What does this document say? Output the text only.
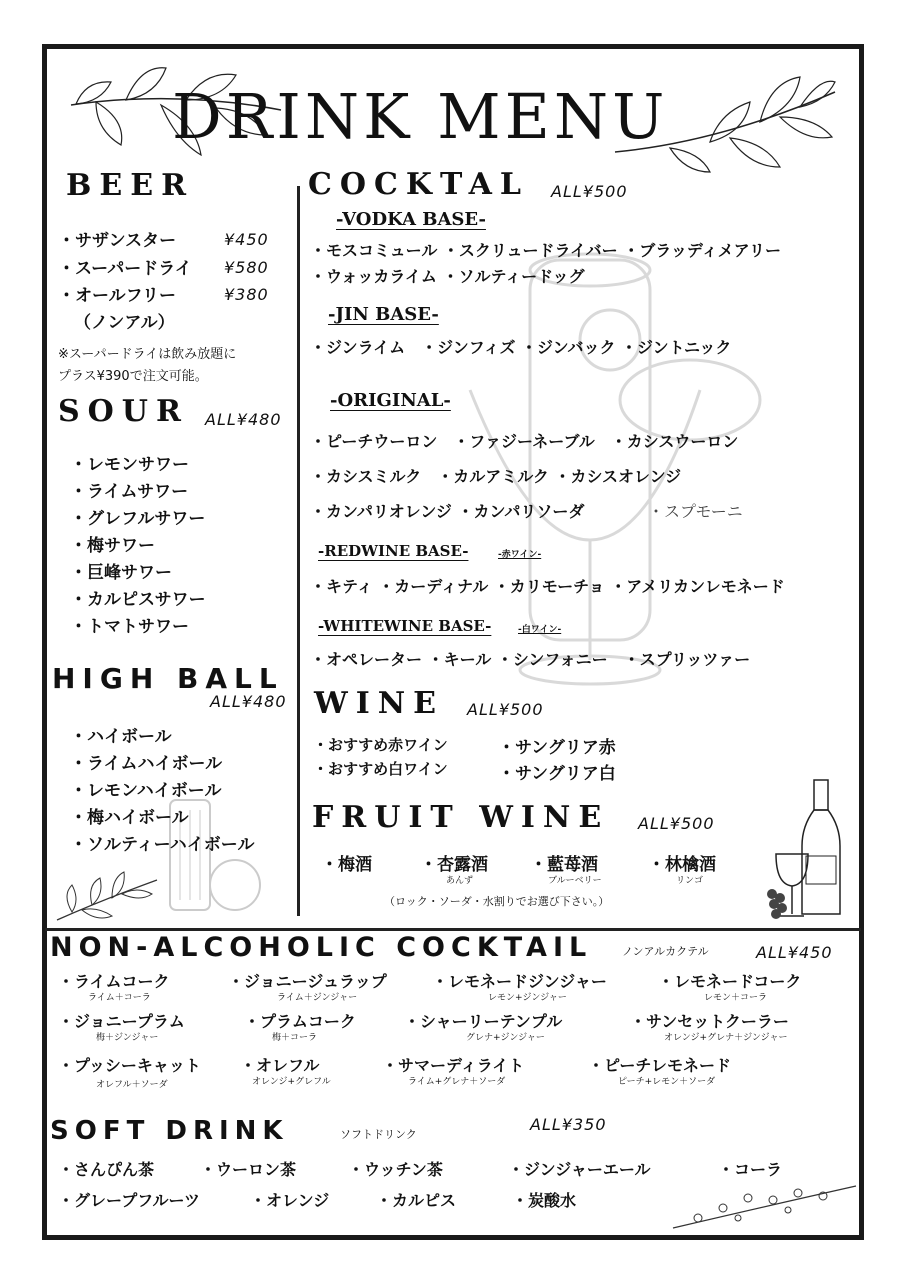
DRINK MENU
BEER
・サザンスター	¥450
・スーパードライ ¥580
・オールフリー	¥380
（ノンアル）
※スーパードライは飲み放題に
プラス¥390で注文可能。
SOUR ALL¥480
・レモンサワー
・ライムサワー
・グレフルサワー
・梅サワー
・巨峰サワー
・カルピスサワー
・トマトサワー
HIGH BALL
ALL¥480
・ハイボール
・ライムハイボール
・レモンハイボール
・梅ハイボール
・ソルティーハイボール
COCKTAL ALL¥500
-VODKA BASE-
・モスコミュール ・スクリュードライバー ・ブラッディメアリー
・ウォッカライム ・ソルティードッグ
-JIN BASE-
・ジンライム　・ジンフィズ ・ジンバック ・ジントニック
-ORIGINAL-
・ピーチウーロン　・ファジーネーブル　・カシスウーロン
・カシスミルク　・カルアミルク ・カシスオレンジ
・カンパリオレンジ ・カンパリソーダ	・スプモーニ
-REDWINE BASE-	-赤ワイン-
・キティ ・カーディナル ・カリモーチョ ・アメリカンレモネード
-WHITEWINE BASE-	-白ワイン-
・オペレーター ・キール ・シンフォニー　・スプリッツァー
WINE ALL¥500
・おすすめ赤ワイン	・サングリア赤
・おすすめ白ワイン	・サングリア白
FRUIT WINE ALL¥500
・梅酒	・杏露酒
あんず
・藍苺酒
ブルーベリー
・林檎酒
リンゴ
（ロック・ソーダ・水割りでお選び下さい。）
NON-ALCOHOLIC COCKTAIL	ノンアルカクテル	ALL¥450
・ライムコーク
ライム＋コーラ
・ジョニージュラップ
ライム＋ジンジャー
・レモネードジンジャー
レモン+ジンジャー
・レモネードコーク
レモン＋コーラ
・ジョニープラム
梅＋ジンジャー
・プラムコーク
梅＋コーラ
・シャーリーテンプル
グレナ+ジンジャー
・サンセットクーラー
オレンジ+グレナ＋ジンジャー
・プッシーキャット
オレフル＋ソーダ
・オレフル
オレンジ+グレフル
・サマーディライト
ライム+グレナ＋ソーダ
・ピーチレモネード
ピーチ+レモン＋ソーダ
SOFT DRINK	ソフトドリンク
ALL¥350
・さんぴん茶	・ウーロン茶	・ウッチン茶	・ジンジャーエール	・コーラ
・グレープフルーツ	・オレンジ	・カルピス	・炭酸水
